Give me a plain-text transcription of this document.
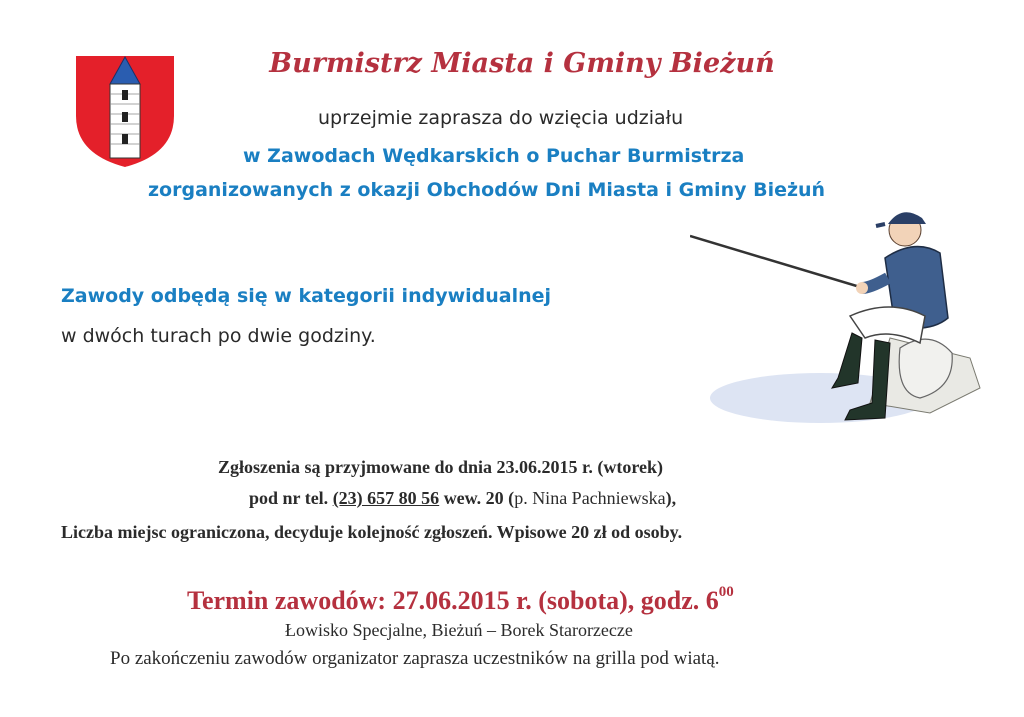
Burmistrz Miasta i Gminy Bieżuń
uprzejmie zaprasza do wzięcia udziału
w Zawodach Wędkarskich o Puchar Burmistrza
zorganizowanych z okazji Obchodów Dni Miasta i Gminy Bieżuń
Zawody odbędą się w kategorii indywidualnej
w dwóch turach po dwie godziny.
Zgłoszenia są przyjmowane do dnia 23.06.2015 r. (wtorek)
pod nr tel. (23) 657 80 56 wew. 20 (p. Nina Pachniewska),
Liczba miejsc ograniczona, decyduje kolejność zgłoszeń. Wpisowe 20 zł od osoby.
Termin zawodów: 27.06.2015 r. (sobota), godz. $6^{00}$
Łowisko Specjalne, Bieżuń – Borek Starorzecze
Po zakończeniu zawodów organizator zaprasza uczestników na grilla pod wiatą.
